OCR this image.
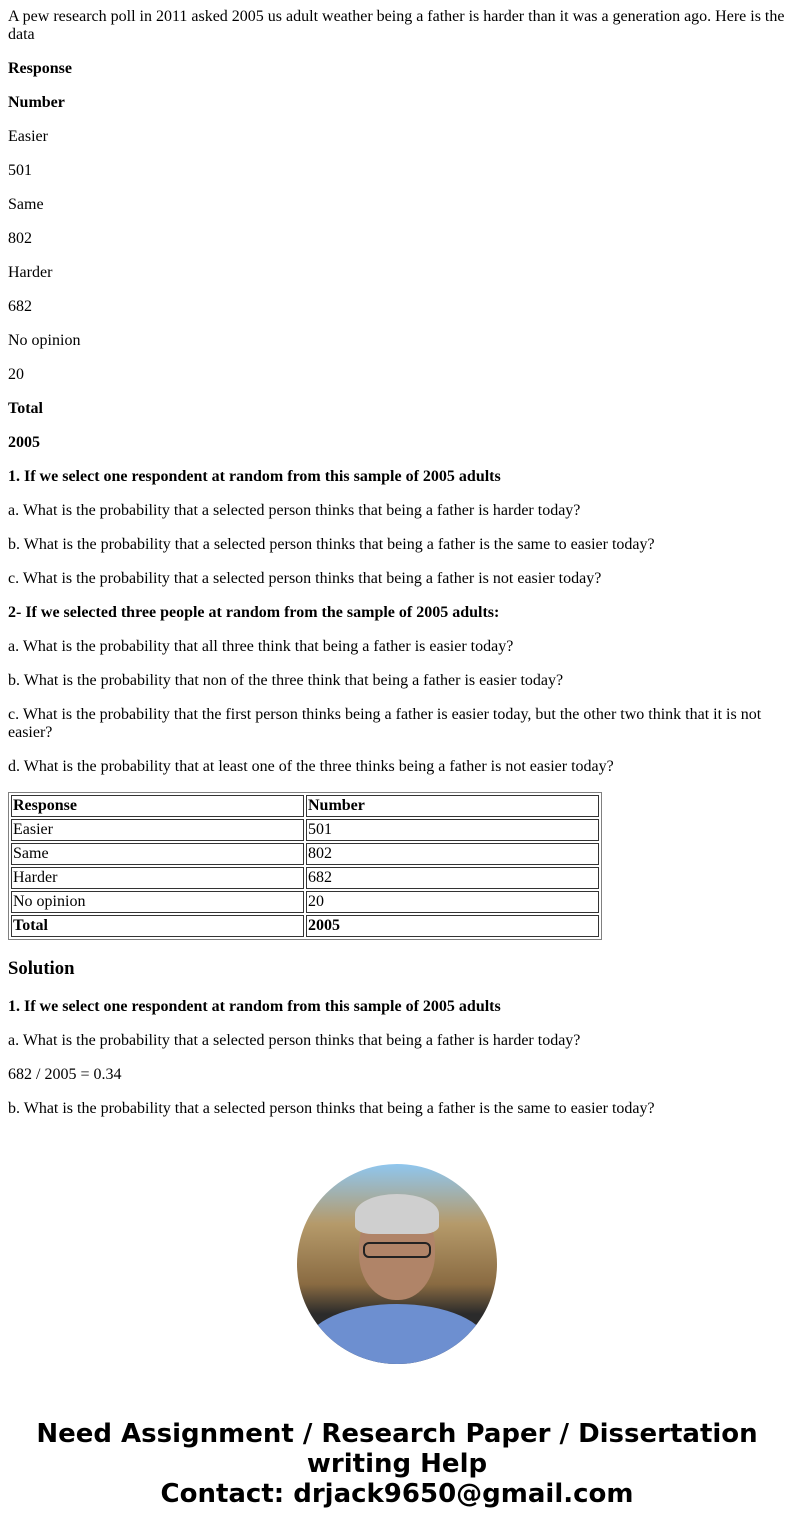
A pew research poll in 2011 asked 2005 us adult weather being a father is harder than it was a generation ago. Here is the data

Response

Number

Easier

501

Same

802

Harder

682

No opinion

20

Total

2005

1. If we select one respondent at random from this sample of 2005 adults

a. What is the probability that a selected person thinks that being a father is harder today?

b. What is the probability that a selected person thinks that being a father is the same to easier today?

c. What is the probability that a selected person thinks that being a father is not easier today?

2- If we selected three people at random from the sample of 2005 adults:

a. What is the probability that all three think that being a father is easier today?

b. What is the probability that non of the three think that being a father is easier today?

c. What is the probability that the first person thinks being a father is easier today, but the other two think that it is not easier?

d. What is the probability that at least one of the three thinks being a father is not easier today?

Response	Number
Easier	501
Same	802
Harder	682
No opinion	20
Total	2005
Solution

1. If we select one respondent at random from this sample of 2005 adults

a. What is the probability that a selected person thinks that being a father is harder today?

682 / 2005 = 0.34

b. What is the probability that a selected person thinks that being a father is the same to easier today?

Need Assignment / Research Paper / Dissertation writing Help
Contact: drjack9650@gmail.com
